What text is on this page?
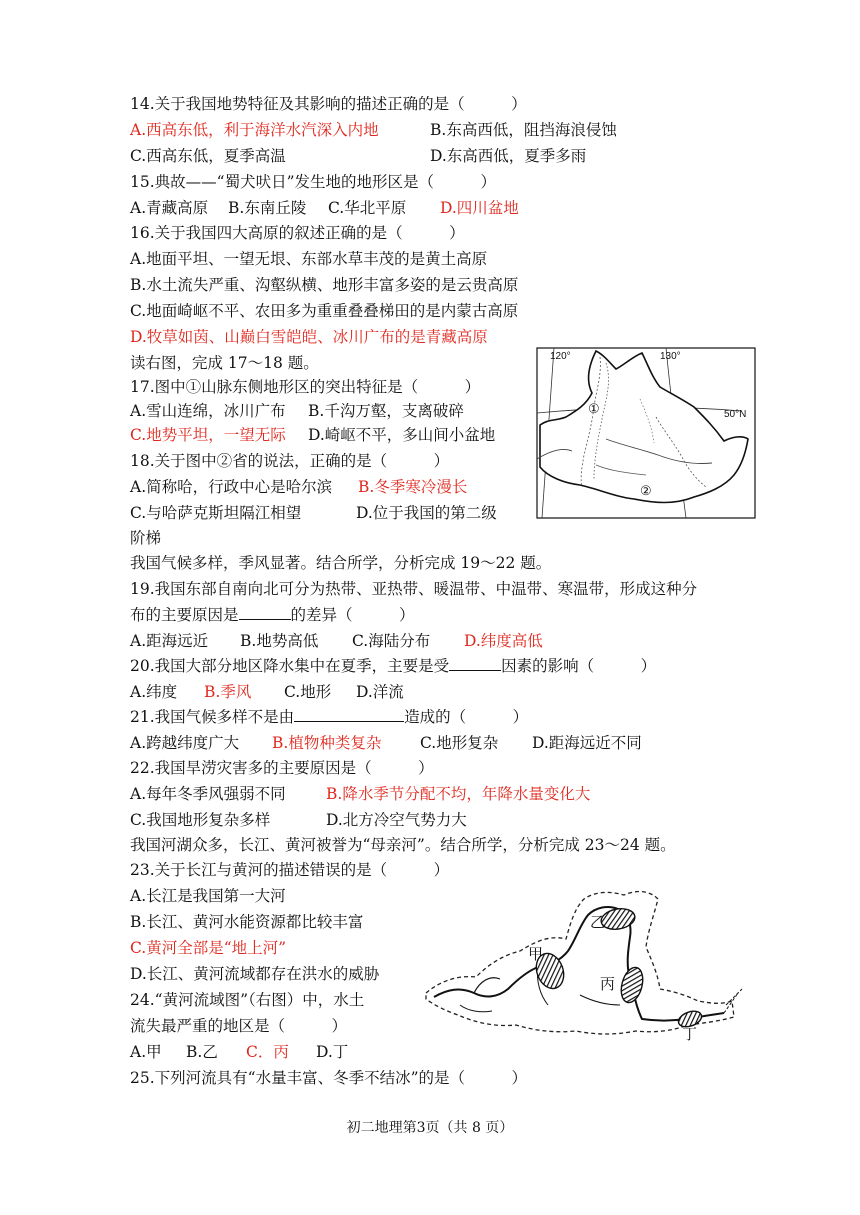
14.关于我国地势特征及其影响的描述正确的是（　　　）
A.西高东低，利于海洋水汽深入内地	B.东高西低，阻挡海浪侵蚀
C.西高东低，夏季高温	D.东高西低，夏季多雨
15.典故——“蜀犬吠日”发生地的地形区是（　　　）
A.青藏高原 B.东南丘陵 C.华北平原 D.四川盆地
16.关于我国四大高原的叙述正确的是（　　　）
A.地面平坦、一望无垠、东部水草丰茂的是黄土高原
B.水土流失严重、沟壑纵横、地形丰富多姿的是云贵高原
C.地面崎岖不平、农田多为重重叠叠梯田的是内蒙古高原
D.牧草如茵、山巅白雪皑皑、冰川广布的是青藏高原
读右图，完成 17～18 题。
17.图中①山脉东侧地形区的突出特征是（　　　）
A.雪山连绵，冰川广布 B.千沟万壑，支离破碎
C.地势平坦，一望无际 D.崎岖不平，多山间小盆地
18.关于图中②省的说法，正确的是（　　　）
A.简称哈，行政中心是哈尔滨 B.冬季寒冷漫长
C.与哈萨克斯坦隔江相望	D.位于我国的第二级
阶梯
120°	130°
50°N
①
②
我国气候多样，季风显著。结合所学，分析完成 19～22 题。
19.我国东部自南向北可分为热带、亚热带、暖温带、中温带、寒温带，形成这种分
布的主要原因是	的差异（　　　）
A.距海远近 B.地势高低 C.海陆分布 D.纬度高低
20.我国大部分地区降水集中在夏季，主要是受	因素的影响（　　　）
A.纬度 B.季风 C.地形 D.洋流
21.我国气候多样不是由	造成的（　　　）
A.跨越纬度广大 B.植物种类复杂 C.地形复杂 D.距海远近不同
22.我国旱涝灾害多的主要原因是（　　　）
A.每年冬季风强弱不同	B.降水季节分配不均，年降水量变化大
C.我国地形复杂多样	D.北方冷空气势力大
我国河湖众多，长江、黄河被誉为“母亲河”。结合所学，分析完成 23～24 题。
23.关于长江与黄河的描述错误的是（　　　）
A.长江是我国第一大河
B.长江、黄河水能资源都比较丰富
C.黄河全部是“地上河”
D.长江、黄河流域都存在洪水的威胁
24.“黄河流域图”（右图）中，水土
流失最严重的地区是（　　　）
A.甲 B.乙 C．丙 D.丁
甲
乙
丙
丁
25.下列河流具有“水量丰富、冬季不结冰”的是（　　　）
初二地理第3页（共 8 页）
